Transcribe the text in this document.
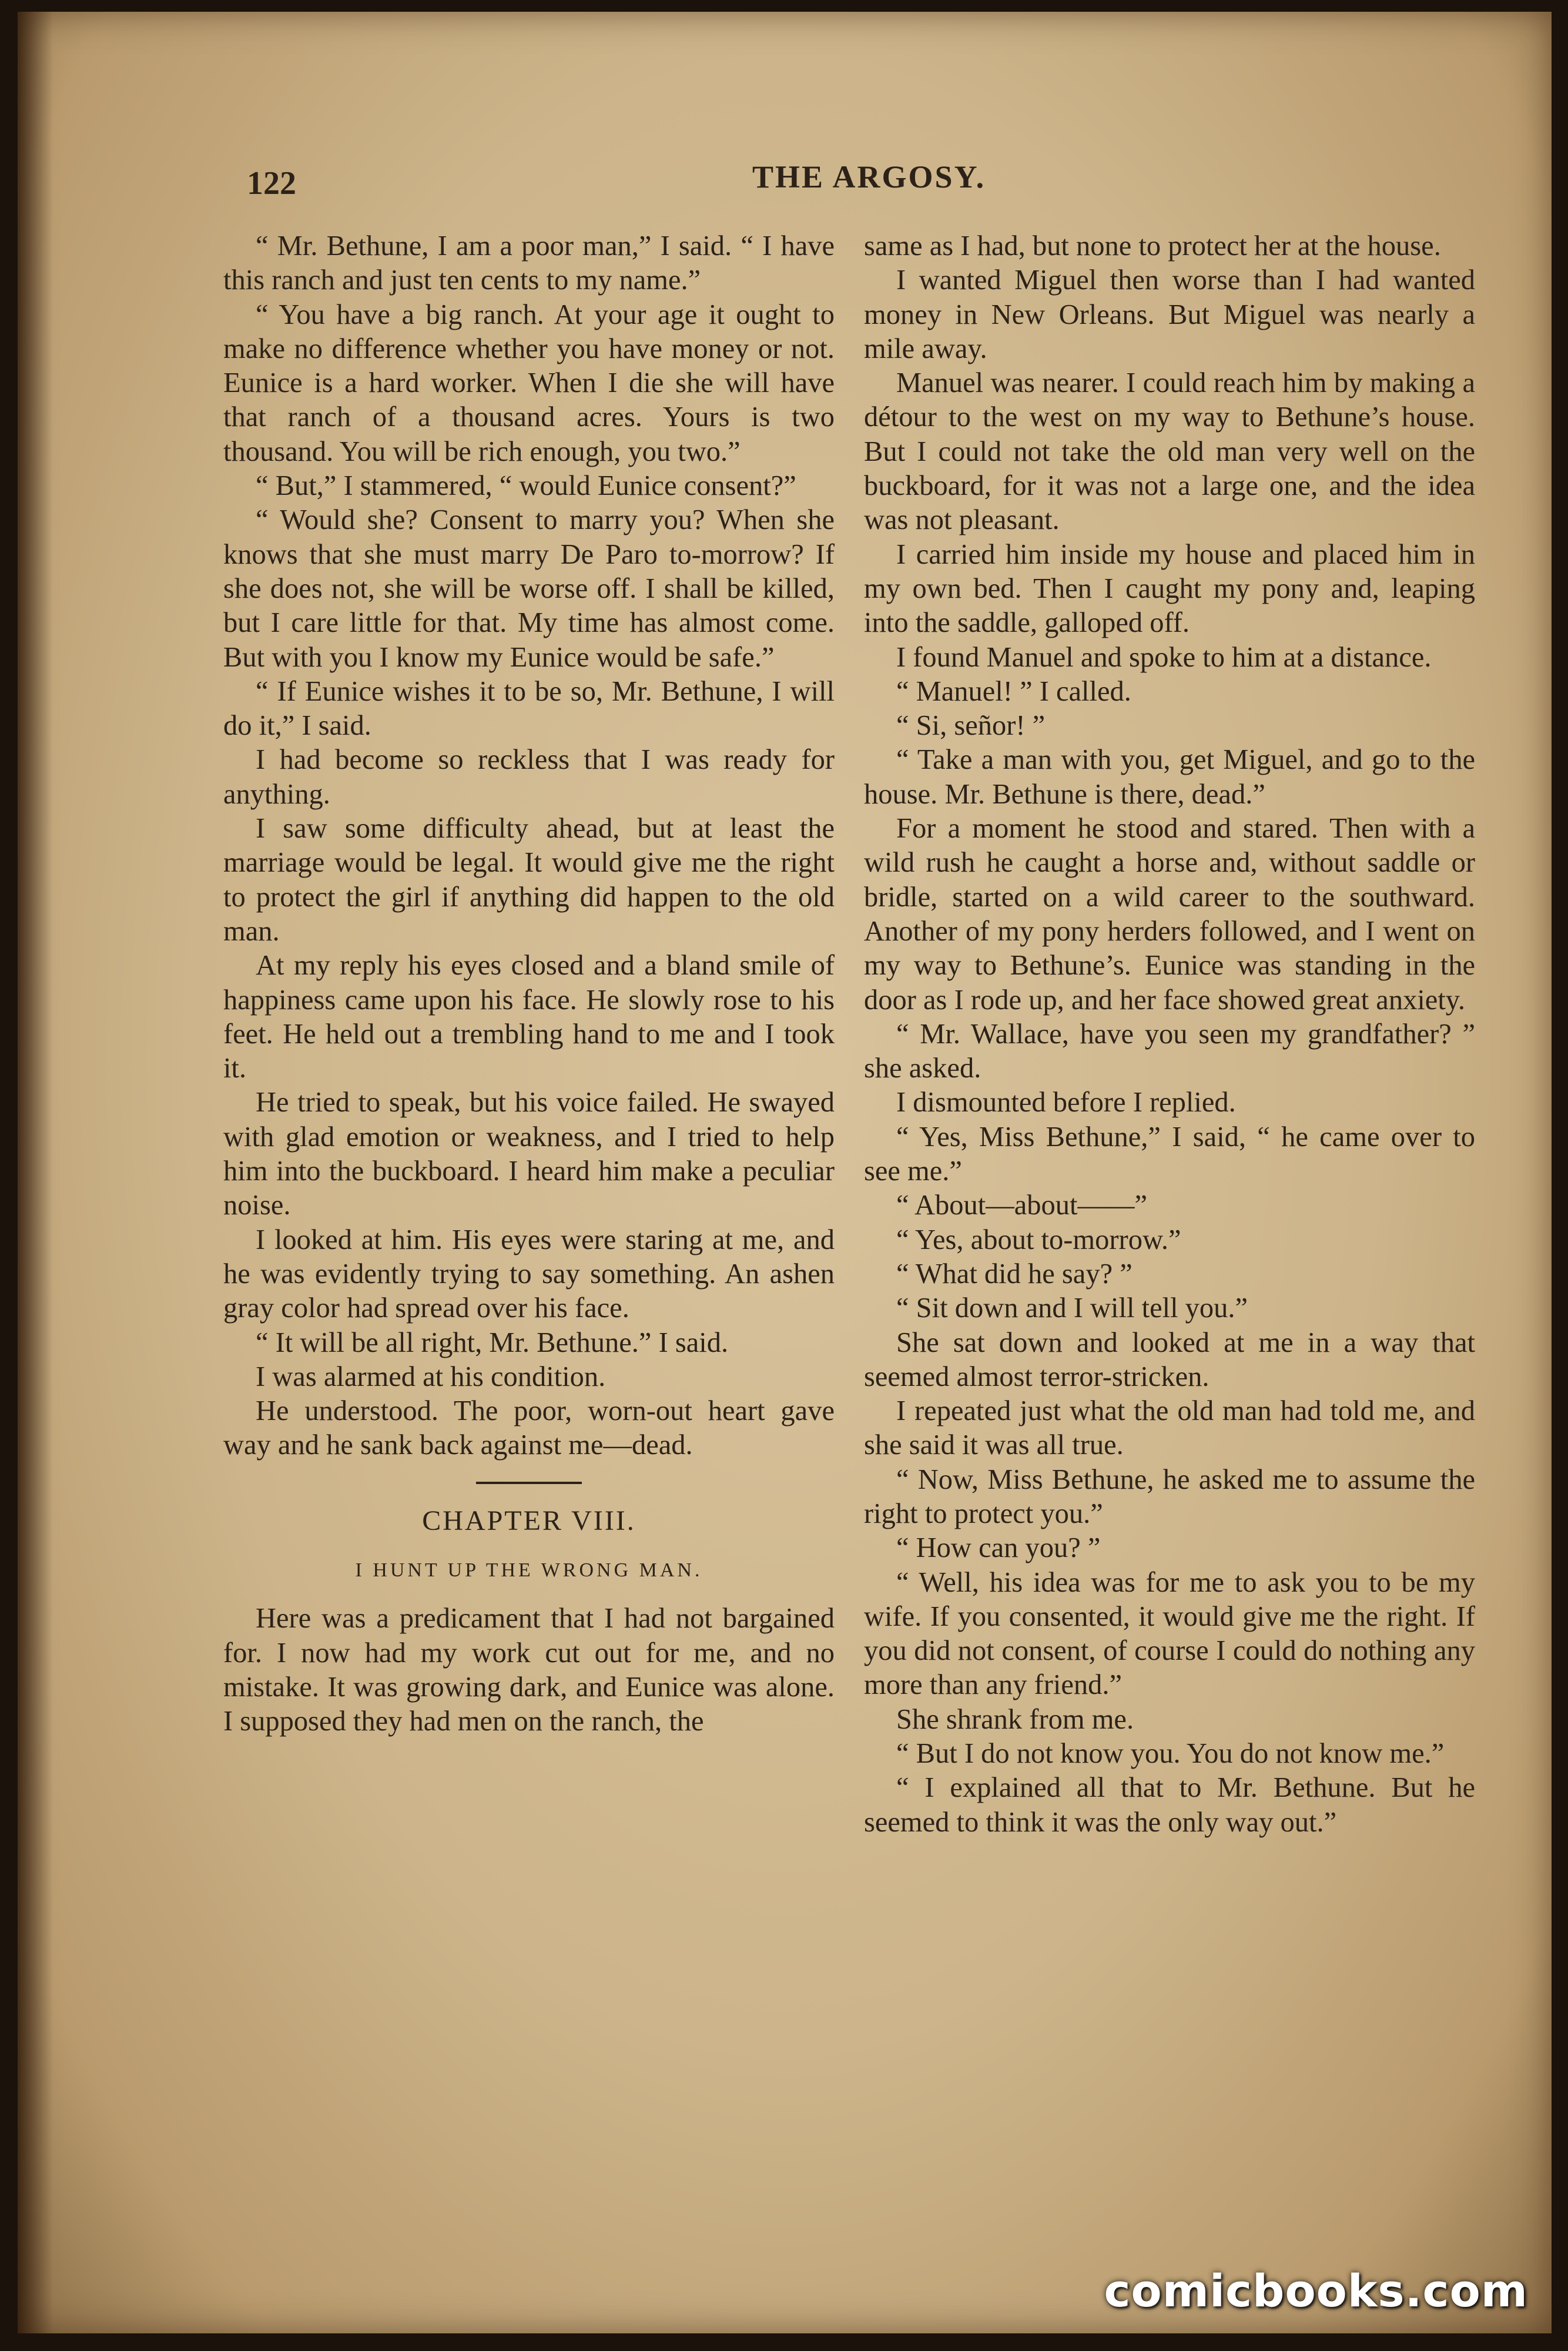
122	THE ARGOSY.

“ Mr. Bethune, I am a poor man,” I said. “ I have this ranch and just ten cents to my name.”

“ You have a big ranch. At your age it ought to make no difference whether you have money or not. Eunice is a hard worker. When I die she will have that ranch of a thousand acres. Yours is two thousand. You will be rich enough, you two.”

“ But,” I stammered, “ would Eunice consent?”

“ Would she? Consent to marry you? When she knows that she must marry De Paro to-morrow? If she does not, she will be worse off. I shall be killed, but I care little for that. My time has almost come. But with you I know my Eunice would be safe.”

“ If Eunice wishes it to be so, Mr. Bethune, I will do it,” I said.

I had become so reckless that I was ready for anything.

I saw some difficulty ahead, but at least the marriage would be legal. It would give me the right to protect the girl if anything did happen to the old man.

At my reply his eyes closed and a bland smile of happiness came upon his face. He slowly rose to his feet. He held out a trembling hand to me and I took it.

He tried to speak, but his voice failed. He swayed with glad emotion or weakness, and I tried to help him into the buckboard. I heard him make a peculiar noise.

I looked at him. His eyes were staring at me, and he was evidently trying to say something. An ashen gray color had spread over his face.

“ It will be all right, Mr. Bethune.” I said.

I was alarmed at his condition.

He understood. The poor, worn-out heart gave way and he sank back against me—dead.

CHAPTER VIII.
I HUNT UP THE WRONG MAN.

Here was a predicament that I had not bargained for. I now had my work cut out for me, and no mistake. It was growing dark, and Eunice was alone. I supposed they had men on the ranch, the

same as I had, but none to protect her at the house.

I wanted Miguel then worse than I had wanted money in New Orleans. But Miguel was nearly a mile away.

Manuel was nearer. I could reach him by making a détour to the west on my way to Bethune’s house. But I could not take the old man very well on the buckboard, for it was not a large one, and the idea was not pleasant.

I carried him inside my house and placed him in my own bed. Then I caught my pony and, leaping into the saddle, galloped off.

I found Manuel and spoke to him at a distance.

“ Manuel! ” I called.

“ Si, señor! ”

“ Take a man with you, get Miguel, and go to the house. Mr. Bethune is there, dead.”

For a moment he stood and stared. Then with a wild rush he caught a horse and, without saddle or bridle, started on a wild career to the southward. Another of my pony herders followed, and I went on my way to Bethune’s. Eunice was standing in the door as I rode up, and her face showed great anxiety.

“ Mr. Wallace, have you seen my grandfather? ” she asked.

I dismounted before I replied.

“ Yes, Miss Bethune,” I said, “ he came over to see me.”

“ About—about——”

“ Yes, about to-morrow.”

“ What did he say? ”

“ Sit down and I will tell you.”

She sat down and looked at me in a way that seemed almost terror-stricken.

I repeated just what the old man had told me, and she said it was all true.

“ Now, Miss Bethune, he asked me to assume the right to protect you.”

“ How can you? ”

“ Well, his idea was for me to ask you to be my wife. If you consented, it would give me the right. If you did not consent, of course I could do nothing any more than any friend.”

She shrank from me.

“ But I do not know you. You do not know me.”

“ I explained all that to Mr. Bethune. But he seemed to think it was the only way out.”

comicbooks.com
